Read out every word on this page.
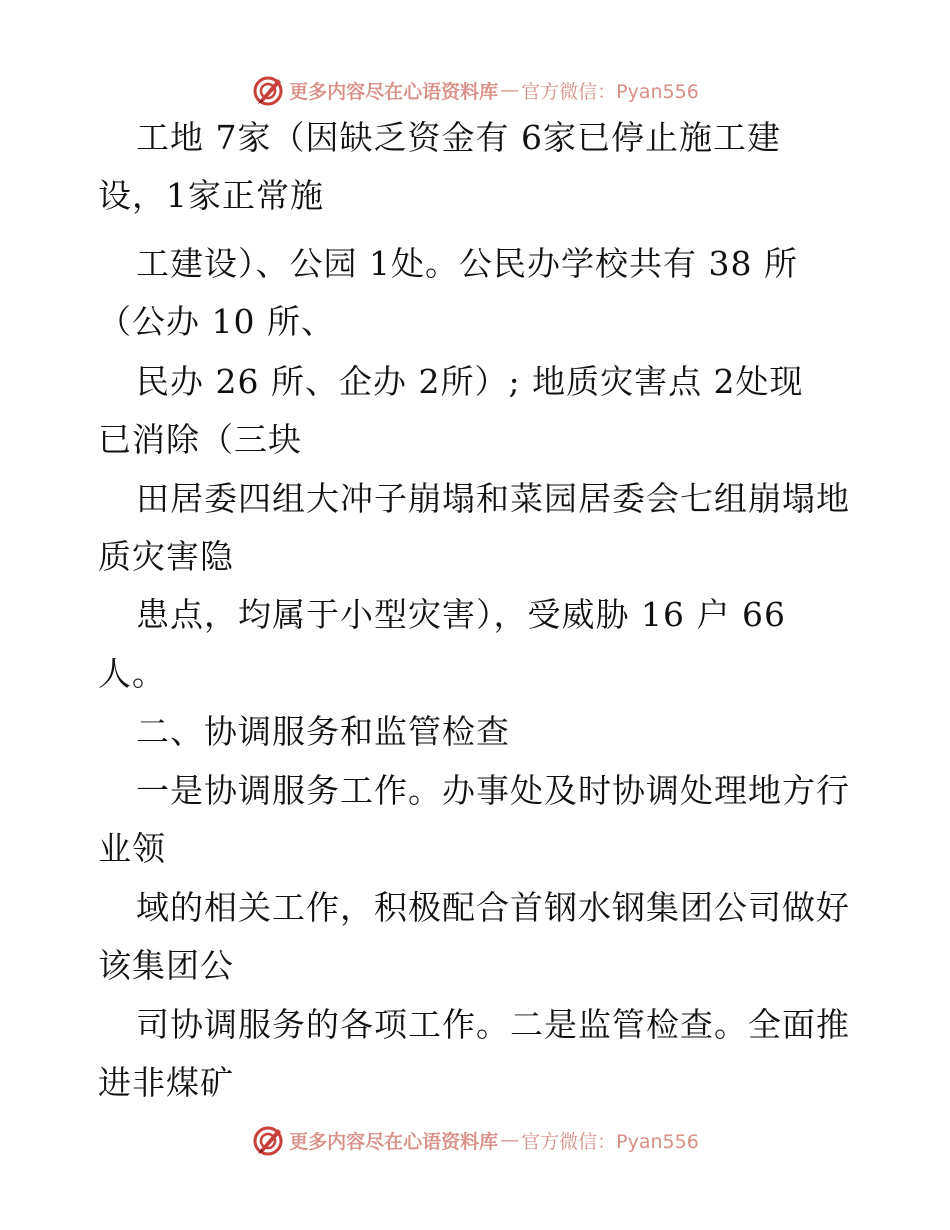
更多内容尽在心语资料库 — 官方微信：Pyan556
工地 7家（因缺乏资金有 6家已停止施工建
设，1家正常施
工建设）、公园 1处。公民办学校共有 38 所
（公办 10 所、
民办 26 所、企办 2所）; 地质灾害点 2处现
已消除（三块
田居委四组大冲子崩塌和菜园居委会七组崩塌地
质灾害隐
患点，均属于小型灾害），受威胁 16 户 66
人。
二、协调服务和监管检查
一是协调服务工作。办事处及时协调处理地方行
业领
域的相关工作，积极配合首钢水钢集团公司做好
该集团公
司协调服务的各项工作。二是监管检查。全面推
进非煤矿
更多内容尽在心语资料库 — 官方微信：Pyan556
